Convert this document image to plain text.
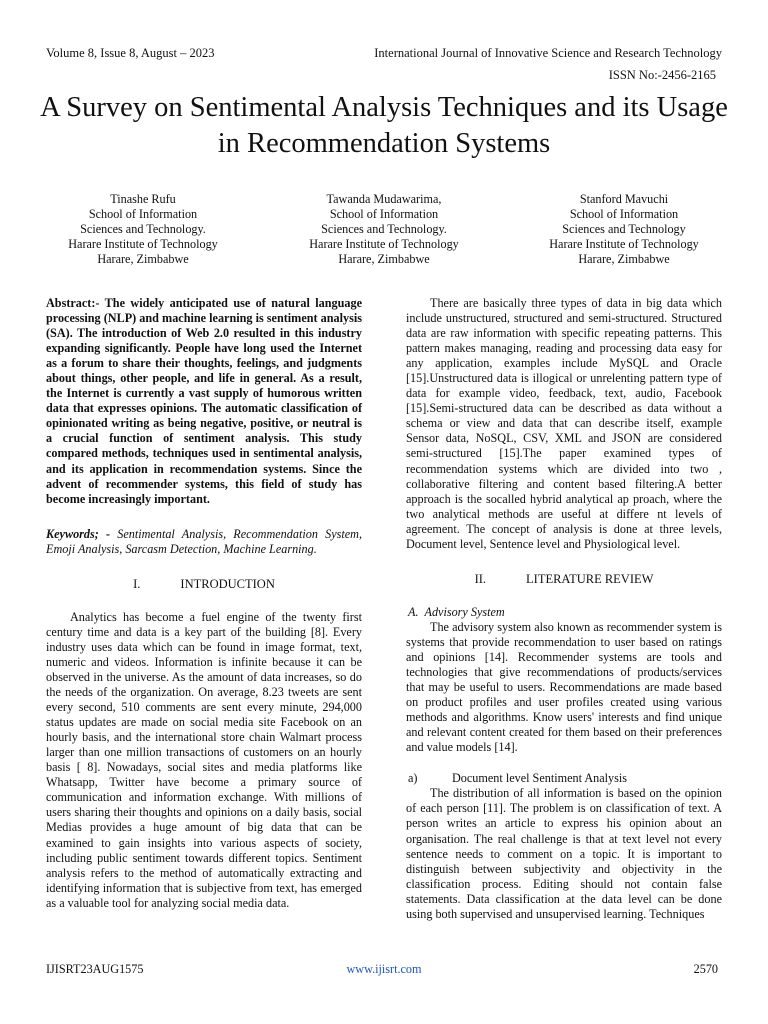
Volume 8, Issue 8, August – 2023	International Journal of Innovative Science and Research Technology
ISSN No:-2456-2165
A Survey on Sentimental Analysis Techniques and its Usage in Recommendation Systems
Tinashe Rufu
School of Information
Sciences and Technology.
Harare Institute of Technology
Harare, Zimbabwe
Tawanda Mudawarima,
School of Information
Sciences and Technology.
Harare Institute of Technology
Harare, Zimbabwe
Stanford Mavuchi
School of Information
Sciences and Technology
Harare Institute of Technology
Harare, Zimbabwe

Abstract:- The widely anticipated use of natural language processing (NLP) and machine learning is sentiment analysis (SA). The introduction of Web 2.0 resulted in this industry expanding significantly. People have long used the Internet as a forum to share their thoughts, feelings, and judgments about things, other people, and life in general. As a result, the Internet is currently a vast supply of humorous written data that expresses opinions. The automatic classification of opinionated writing as being negative, positive, or neutral is a crucial function of sentiment analysis. This study compared methods, techniques used in sentimental analysis, and its application in recommendation systems. Since the advent of recommender systems, this field of study has become increasingly important.

Keywords; - Sentimental Analysis, Recommendation System, Emoji Analysis, Sarcasm Detection, Machine Learning.

I.	INTRODUCTION

Analytics has become a fuel engine of the twenty first century time and data is a key part of the building [8]. Every industry uses data which can be found in image format, text, numeric and videos. Information is infinite because it can be observed in the universe. As the amount of data increases, so do the needs of the organization. On average, 8.23 tweets are sent every second, 510 comments are sent every minute, 294,000 status updates are made on social media site Facebook on an hourly basis, and the international store chain Walmart process larger than one million transactions of customers on an hourly basis [ 8]. Nowadays, social sites and media platforms like Whatsapp, Twitter have become a primary source of communication and information exchange. With millions of users sharing their thoughts and opinions on a daily basis, social Medias provides a huge amount of big data that can be examined to gain insights into various aspects of society, including public sentiment towards different topics. Sentiment analysis refers to the method of automatically extracting and identifying information that is subjective from text, has emerged as a valuable tool for analyzing social media data.

There are basically three types of data in big data which include unstructured, structured and semi-structured. Structured data are raw information with specific repeating patterns. This pattern makes managing, reading and processing data easy for any application, examples include MySQL and Oracle [15].Unstructured data is illogical or unrelenting pattern type of data for example video, feedback, text, audio, Facebook [15].Semi-structured data can be described as data without a schema or view and data that can describe itself, example Sensor data, NoSQL, CSV, XML and JSON are considered semi-structured [15].The paper examined types of recommendation systems which are divided into two , collaborative filtering and content based filtering.A better approach is the socalled hybrid analytical ap proach, where the two analytical methods are useful at differe nt levels of agreement. The concept of analysis is done at three levels, Document level, Sentence level and Physiological level.

II.	LITERATURE REVIEW

A. Advisory System

The advisory system also known as recommender system is systems that provide recommendation to user based on ratings and opinions [14]. Recommender systems are tools and technologies that give recommendations of products/services that may be useful to users. Recommendations are made based on product profiles and user profiles created using various methods and algorithms. Know users' interests and find unique and relevant content created for them based on their preferences and value models [14].

a)	Document level Sentiment Analysis

The distribution of all information is based on the opinion of each person [11]. The problem is on classification of text. A person writes an article to express his opinion about an organisation. The real challenge is that at text level not every sentence needs to comment on a topic. It is important to distinguish between subjectivity and objectivity in the classification process. Editing should not contain false statements. Data classification at the data level can be done using both supervised and unsupervised learning. Techniques

IJISRT23AUG1575	www.ijisrt.com	2570
